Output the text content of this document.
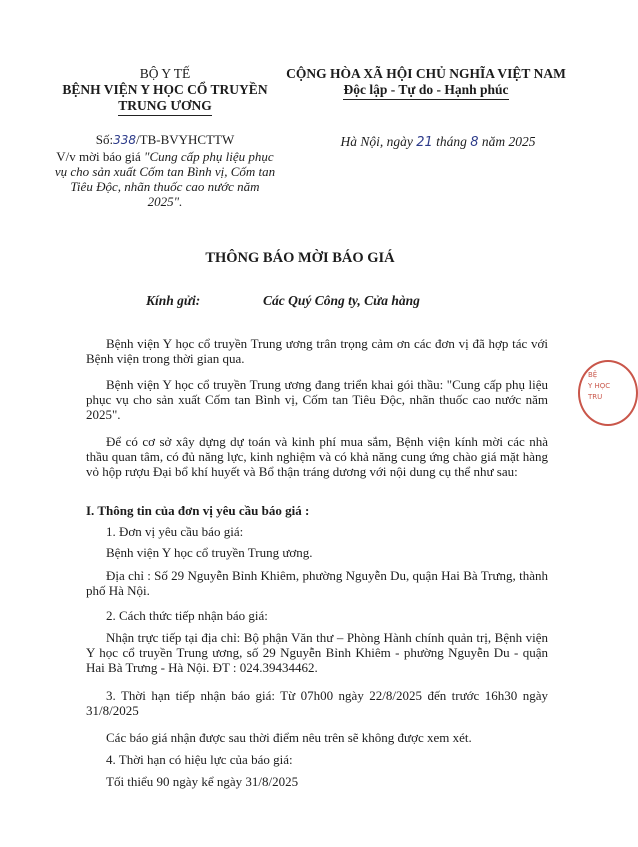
BỘ Y TẾ
BỆNH VIỆN Y HỌC CỔ TRUYỀN
TRUNG ƯƠNG
CỘNG HÒA XÃ HỘI CHỦ NGHĨA VIỆT NAM
Độc lập - Tự do - Hạnh phúc
Số:338/TB-BVYHCTTW
V/v mời báo giá "Cung cấp phụ liệu phục vụ cho sản xuất Cốm tan Bình vị, Cốm tan Tiêu Độc, nhãn thuốc cao nước năm 2025".
Hà Nội, ngày 21 tháng 8 năm 2025
THÔNG BÁO MỜI BÁO GIÁ
Kính gửi:	Các Quý Công ty, Cửa hàng
Bệnh viện Y học cổ truyền Trung ương trân trọng cảm ơn các đơn vị đã hợp tác với Bệnh viện trong thời gian qua.
Bệnh viện Y học cổ truyền Trung ương đang triển khai gói thầu: "Cung cấp phụ liệu phục vụ cho sản xuất Cốm tan Bình vị, Cốm tan Tiêu Độc, nhãn thuốc cao nước năm 2025".
Để có cơ sở xây dựng dự toán và kinh phí mua sắm, Bệnh viện kính mời các nhà thầu quan tâm, có đủ năng lực, kinh nghiệm và có khả năng cung ứng chào giá mặt hàng vỏ hộp rượu Đại bổ khí huyết và Bổ thận tráng dương với nội dung cụ thể như sau:
I. Thông tin của đơn vị yêu cầu báo giá :
1. Đơn vị yêu cầu báo giá:
Bệnh viện Y học cổ truyền Trung ương.
Địa chỉ : Số 29 Nguyễn Bỉnh Khiêm, phường Nguyễn Du, quận Hai Bà Trưng, thành phố Hà Nội.
2. Cách thức tiếp nhận báo giá:
Nhận trực tiếp tại địa chỉ: Bộ phận Văn thư – Phòng Hành chính quản trị, Bệnh viện Y học cổ truyền Trung ương, số 29 Nguyễn Bỉnh Khiêm - phường Nguyễn Du - quận Hai Bà Trưng - Hà Nội. ĐT : 024.39434462.
3. Thời hạn tiếp nhận báo giá: Từ 07h00 ngày 22/8/2025 đến trước 16h30 ngày 31/8/2025
Các báo giá nhận được sau thời điểm nêu trên sẽ không được xem xét.
4. Thời hạn có hiệu lực của báo giá:
Tối thiểu 90 ngày kể ngày 31/8/2025
BỆ
Y HỌC
TRU
